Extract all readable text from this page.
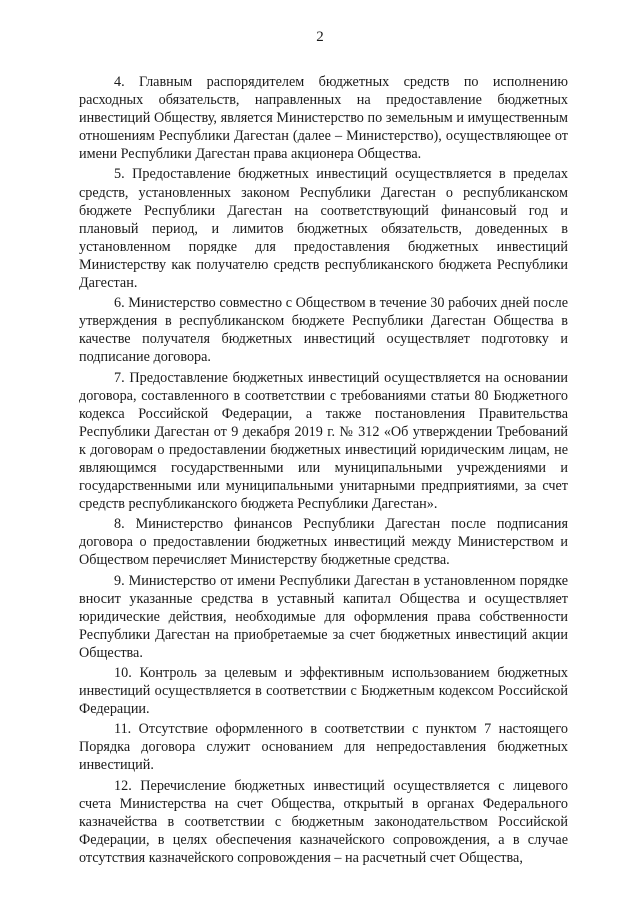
2

4. Главным распорядителем бюджетных средств по исполнению расходных обязательств, направленных на предоставление бюджетных инвестиций Обществу, является Министерство по земельным и имущественным отношениям Республики Дагестан (далее – Министерство), осуществляющее от имени Республики Дагестан права акционера Общества.

5. Предоставление бюджетных инвестиций осуществляется в пределах средств, установленных законом Республики Дагестан о республиканском бюджете Республики Дагестан на соответствующий финансовый год и плановый период, и лимитов бюджетных обязательств, доведенных в установленном порядке для предоставления бюджетных инвестиций Министерству как получателю средств республиканского бюджета Республики Дагестан.

6. Министерство совместно с Обществом в течение 30 рабочих дней после утверждения в республиканском бюджете Республики Дагестан Общества в качестве получателя бюджетных инвестиций осуществляет подготовку и подписание договора.

7. Предоставление бюджетных инвестиций осуществляется на основании договора, составленного в соответствии с требованиями статьи 80 Бюджетного кодекса Российской Федерации, а также постановления Правительства Республики Дагестан от 9 декабря 2019 г. № 312 «Об утверждении Требований к договорам о предоставлении бюджетных инвестиций юридическим лицам, не являющимся государственными или муниципальными учреждениями и государственными или муниципальными унитарными предприятиями, за счет средств республиканского бюджета Республики Дагестан».

8. Министерство финансов Республики Дагестан после подписания договора о предоставлении бюджетных инвестиций между Министерством и Обществом перечисляет Министерству бюджетные средства.

9. Министерство от имени Республики Дагестан в установленном порядке вносит указанные средства в уставный капитал Общества и осуществляет юридические действия, необходимые для оформления права собственности Республики Дагестан на приобретаемые за счет бюджетных инвестиций акции Общества.

10. Контроль за целевым и эффективным использованием бюджетных инвестиций осуществляется в соответствии с Бюджетным кодексом Российской Федерации.

11. Отсутствие оформленного в соответствии с пунктом 7 настоящего Порядка договора служит основанием для непредоставления бюджетных инвестиций.

12. Перечисление бюджетных инвестиций осуществляется с лицевого счета Министерства на счет Общества, открытый в органах Федерального казначейства в соответствии с бюджетным законодательством Российской Федерации, в целях обеспечения казначейского сопровождения, а в случае отсутствия казначейского сопровождения – на расчетный счет Общества,
